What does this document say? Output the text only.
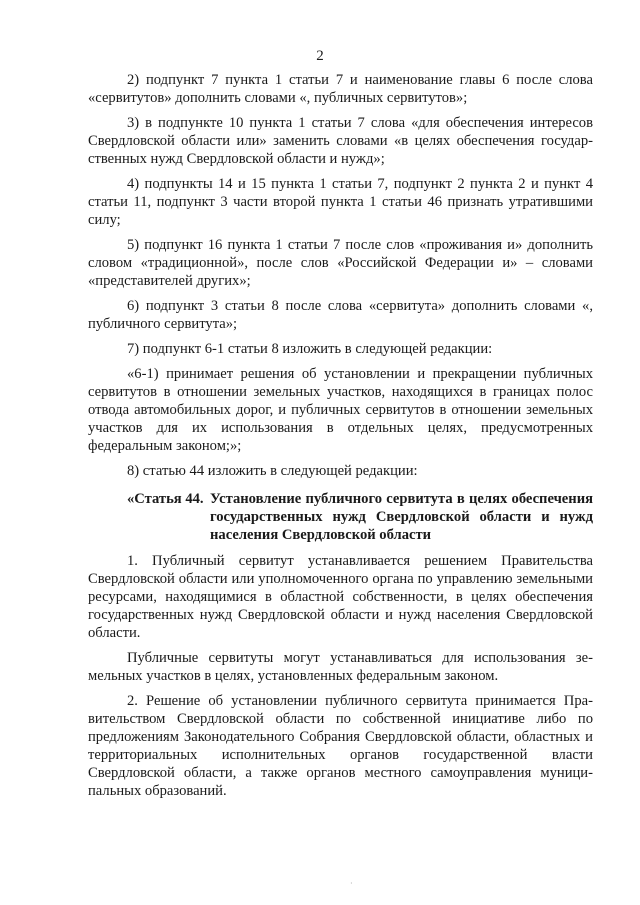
2

2) подпункт 7 пункта 1 статьи 7 и наименование главы 6 после слова «сервитутов» дополнить словами «, публичных сервитутов»;

3) в подпункте 10 пункта 1 статьи 7 слова «для обеспечения интересов Свердловской области или» заменить словами «в целях обеспечения государственных нужд Свердловской области и нужд»;

4) подпункты 14 и 15 пункта 1 статьи 7, подпункт 2 пункта 2 и пункт 4 статьи 11, подпункт 3 части второй пункта 1 статьи 46 признать утратившими силу;

5) подпункт 16 пункта 1 статьи 7 после слов «проживания и» дополнить словом «традиционной», после слов «Российской Федерации и» – словами «представителей других»;

6) подпункт 3 статьи 8 после слова «сервитута» дополнить словами «, публичного сервитута»;

7) подпункт 6-1 статьи 8 изложить в следующей редакции:

«6-1) принимает решения об установлении и прекращении публичных сервитутов в отношении земельных участков, находящихся в границах полос отвода автомобильных дорог, и публичных сервитутов в отношении земельных участков для их использования в отдельных целях, предусмотренных федеральным законом;»;

8) статью 44 изложить в следующей редакции:

«Статья 44. Установление публичного сервитута в целях обеспечения государственных нужд Свердловской области и нужд населения Свердловской области

1. Публичный сервитут устанавливается решением Правительства Свердловской области или уполномоченного органа по управлению земельными ресурсами, находящимися в областной собственности, в целях обеспечения государственных нужд Свердловской области и нужд населения Свердловской области.

Публичные сервитуты могут устанавливаться для использования земельных участков в целях, установленных федеральным законом.

2. Решение об установлении публичного сервитута принимается Правительством Свердловской области по собственной инициативе либо по предложениям Законодательного Собрания Свердловской области, областных и территориальных исполнительных органов государственной власти Свердловской области, а также органов местного самоуправления муниципальных образований.

·
